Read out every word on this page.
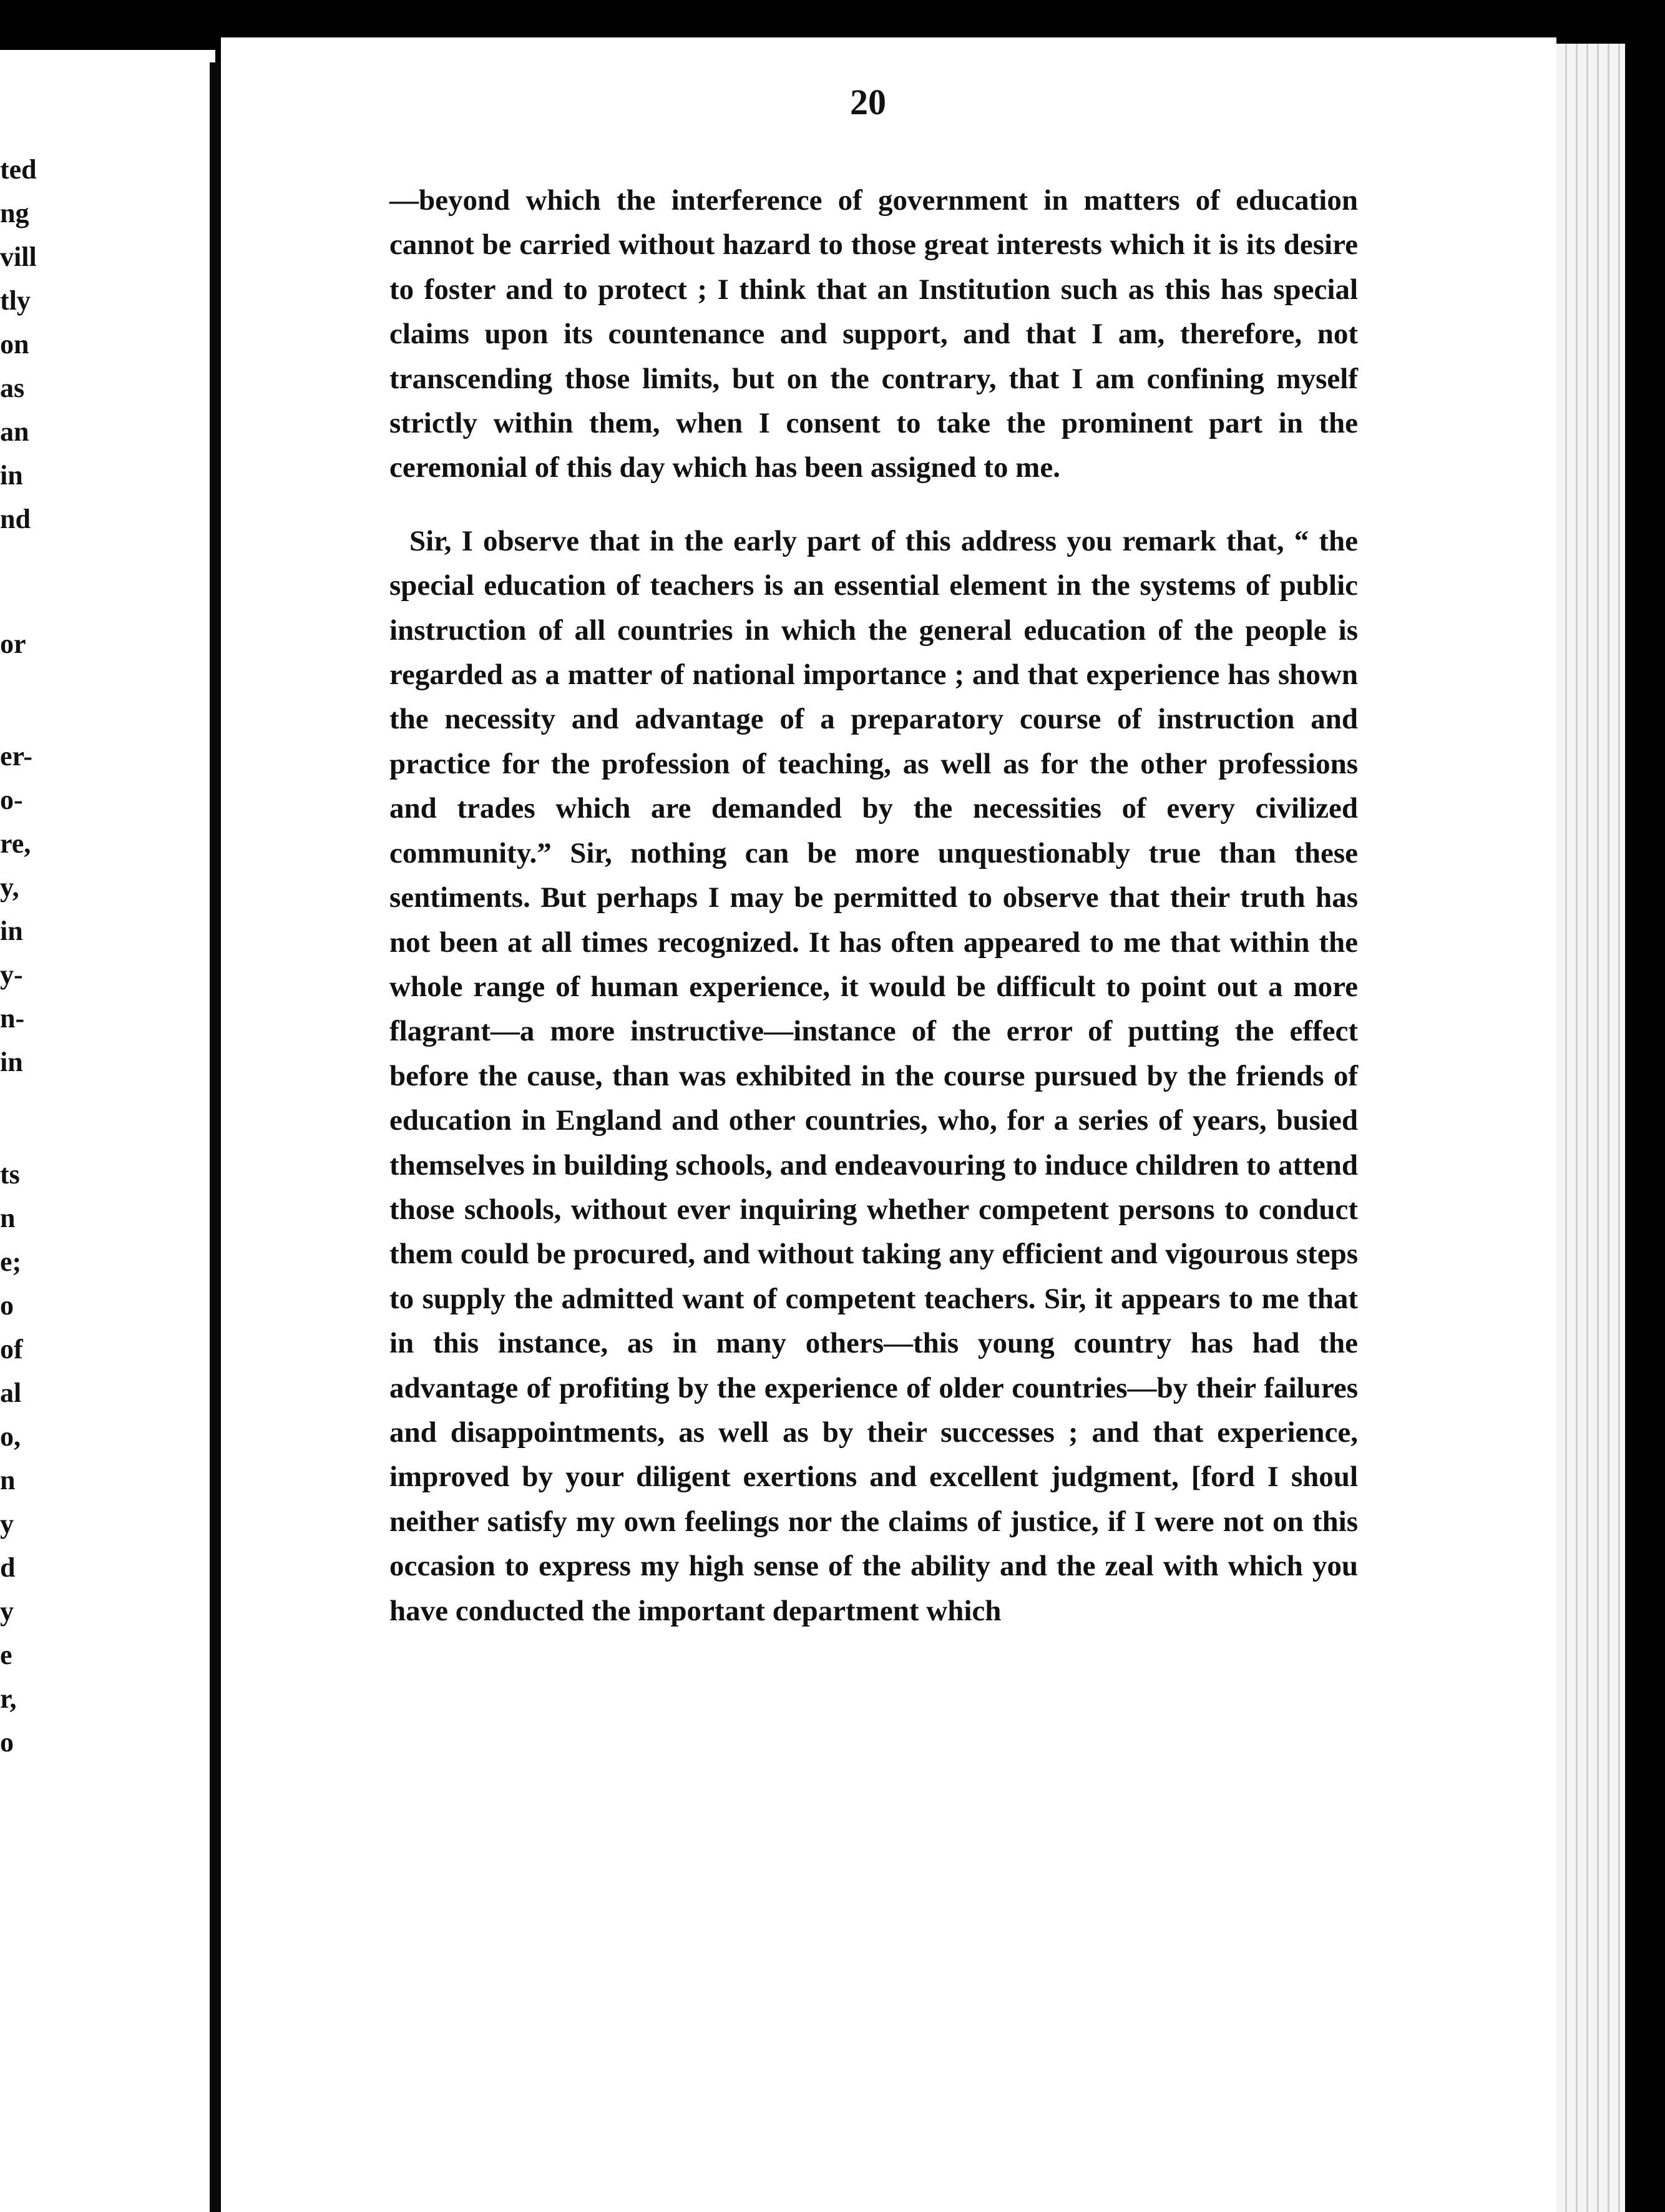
ted
ng
vill
tly
on
as
an
in
nd
or
er-
o-
re,
y,
in
y-
n-
in
ts
n
e;
o
of
al
o,
n
y
d
y
e
r,
o
20

—beyond which the interference of government in matters of education cannot be carried without hazard to those great interests which it is its desire to foster and to protect ; I think that an Institution such as this has special claims upon its countenance and support, and that I am, therefore, not transcending those limits, but on the contrary, that I am confining myself strictly within them, when I consent to take the prominent part in the ceremonial of this day which has been assigned to me.

Sir, I observe that in the early part of this address you remark that, “ the special education of teachers is an essential element in the systems of public instruction of all countries in which the general education of the people is regarded as a matter of national importance ; and that experience has shown the necessity and advantage of a preparatory course of instruction and practice for the profession of teaching, as well as for the other professions and trades which are demanded by the necessities of every civilized community.” Sir, nothing can be more unquestionably true than these sentiments. But perhaps I may be permitted to observe that their truth has not been at all times recognized. It has often appeared to me that within the whole range of human experience, it would be difficult to point out a more flagrant—a more instructive—instance of the error of putting the effect before the cause, than was exhibited in the course pursued by the friends of education in England and other countries, who, for a series of years, busied themselves in building schools, and endeavouring to induce children to attend those schools, without ever inquiring whether competent persons to conduct them could be procured, and without taking any efficient and vigourous steps to supply the admitted want of competent teachers. Sir, it appears to me that in this instance, as in many others—this young country has had the advantage of profiting by the experience of older countries—by their failures and disappointments, as well as by their successes ; and that experience, improved by your diligent exertions and excellent judgment, [ford I shoul neither satisfy my own feelings nor the claims of justice, if I were not on this occasion to express my high sense of the ability and the zeal with which you have conducted the important department which
